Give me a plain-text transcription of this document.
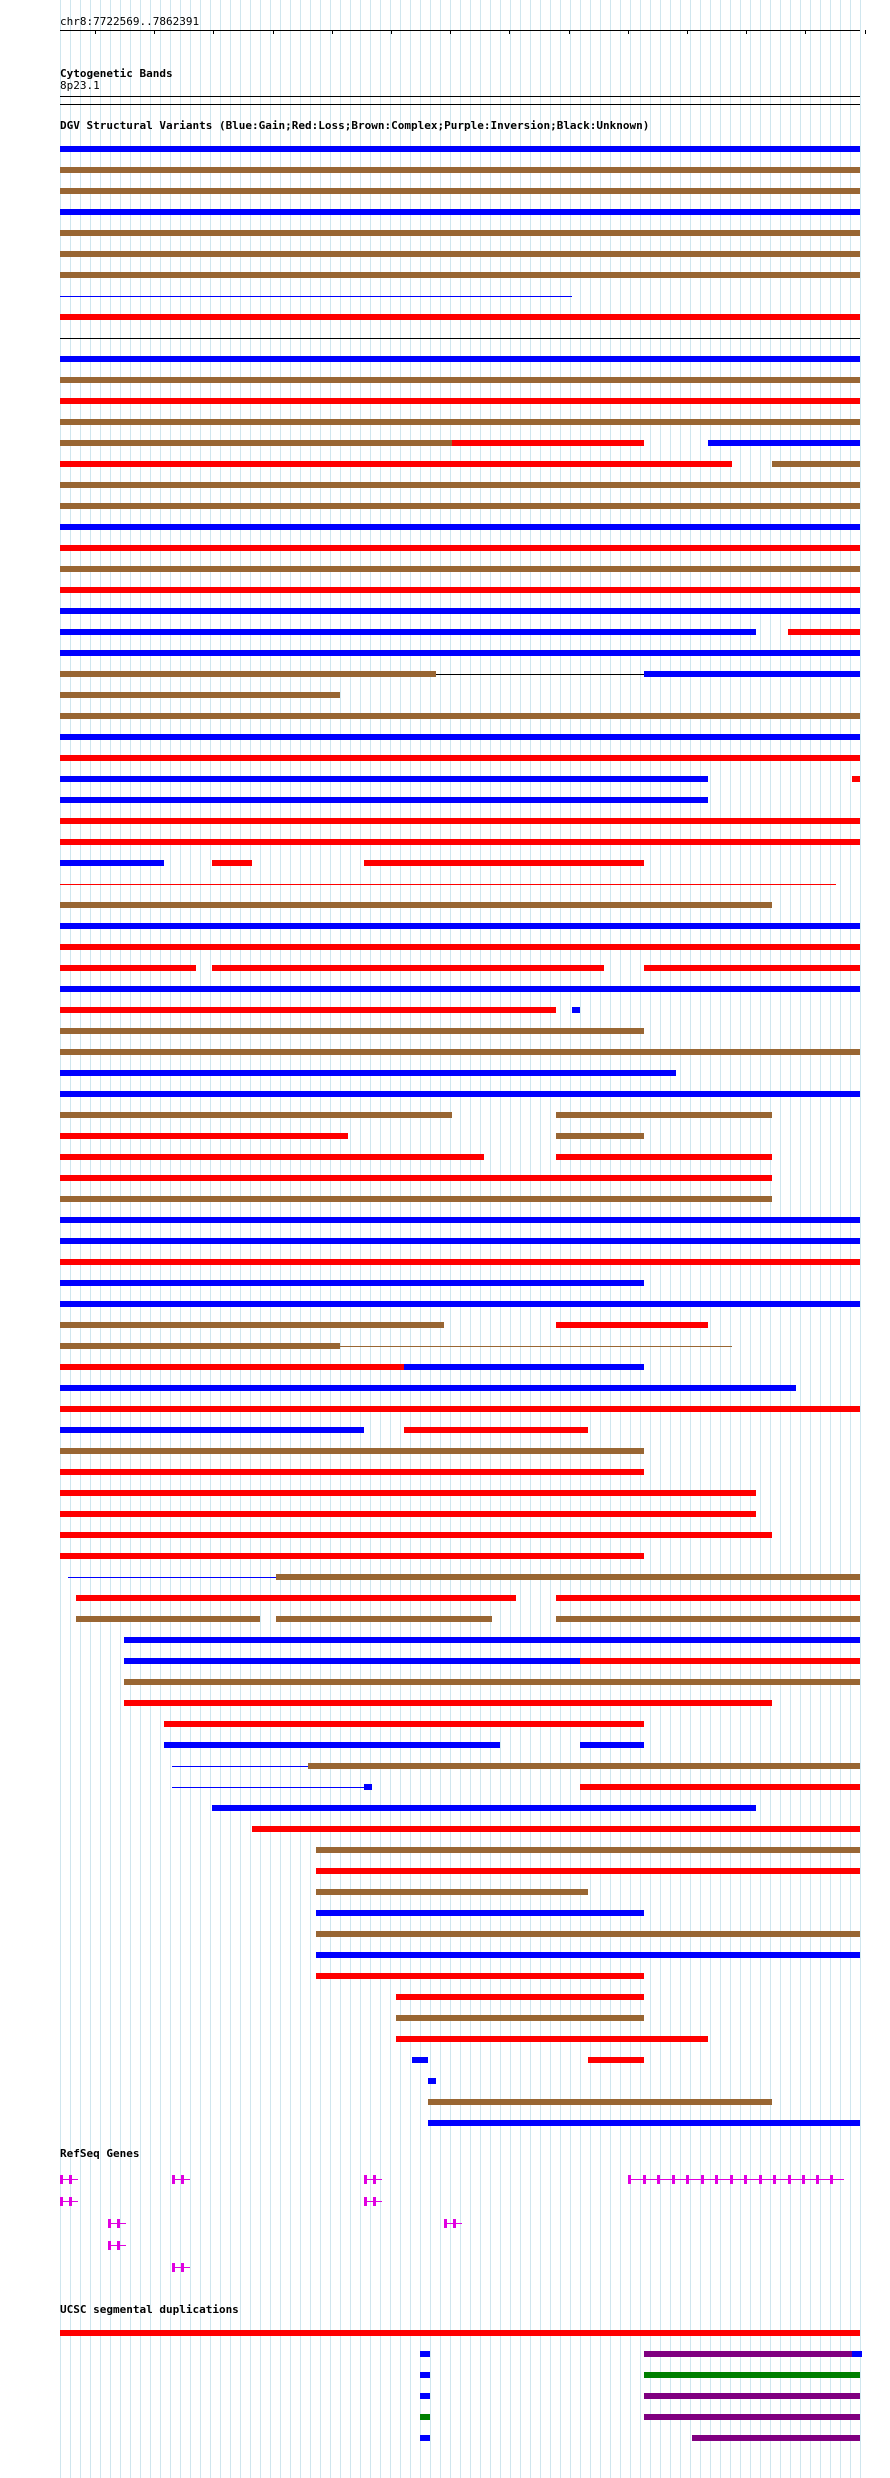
chr8:7722569..7862391
Cytogenetic Bands
8p23.1
DGV Structural Variants (Blue:Gain;Red:Loss;Brown:Complex;Purple:Inversion;Black:Unknown)
RefSeq Genes
UCSC segmental duplications
